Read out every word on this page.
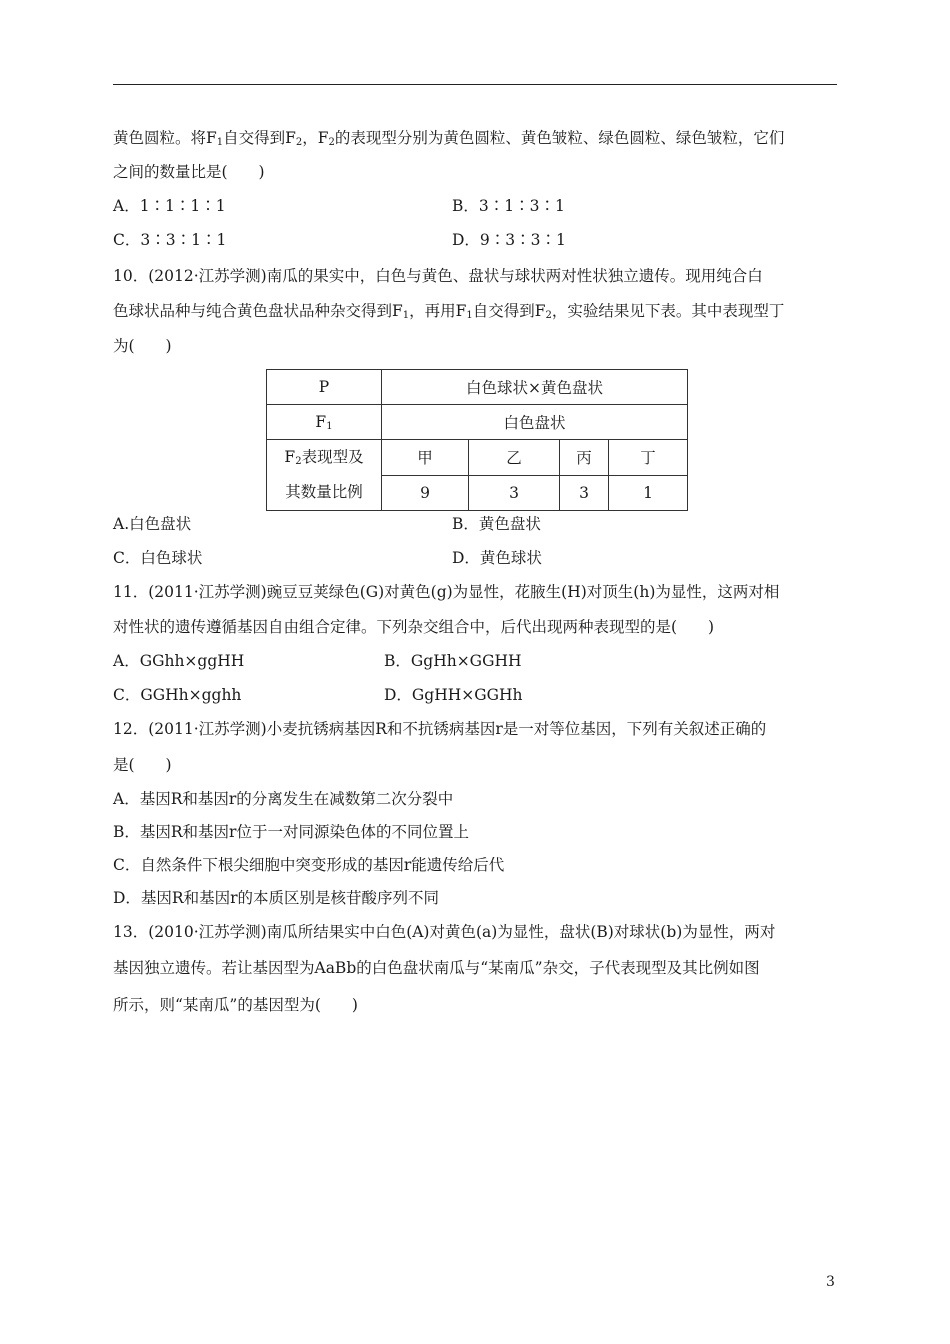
黄色圆粒。将$F_1$自交得到$F_2$，$F_2$的表现型分别为黄色圆粒、黄色皱粒、绿色圆粒、绿色皱粒，它们
之间的数量比是(　　)
A．1∶1∶1∶1	B．3∶1∶3∶1
C．3∶3∶1∶1	D．9∶3∶3∶1
10．(2012·江苏学测)南瓜的果实中，白色与黄色、盘状与球状两对性状独立遗传。现用纯合白
色球状品种与纯合黄色盘状品种杂交得到$F_1$，再用$F_1$自交得到$F_2$，实验结果见下表。其中表现型丁
为(　　)
P	白色球状×黄色盘状			
$F_1$	白色盘状			
$F_2$表现型及
其数量比例	甲	乙	丙	丁
	9	3	3	1
A.白色盘状	B．黄色盘状
C．白色球状	D．黄色球状
11．(2011·江苏学测)豌豆豆荚绿色(G)对黄色(g)为显性，花腋生(H)对顶生(h)为显性，这两对相
对性状的遗传遵循基因自由组合定律。下列杂交组合中，后代出现两种表现型的是(　　)
A．GGhh×ggHH	B．GgHh×GGHH
C．GGHh×gghh	D．GgHH×GGHh
12．(2011·江苏学测)小麦抗锈病基因R和不抗锈病基因r是一对等位基因，下列有关叙述正确的
是(　　)
A．基因R和基因r的分离发生在减数第二次分裂中
B．基因R和基因r位于一对同源染色体的不同位置上
C．自然条件下根尖细胞中突变形成的基因r能遗传给后代
D．基因R和基因r的本质区别是核苷酸序列不同
13．(2010·江苏学测)南瓜所结果实中白色(A)对黄色(a)为显性，盘状(B)对球状(b)为显性，两对
基因独立遗传。若让基因型为AaBb的白色盘状南瓜与“某南瓜”杂交，子代表现型及其比例如图
所示，则“某南瓜”的基因型为(　　)
3
